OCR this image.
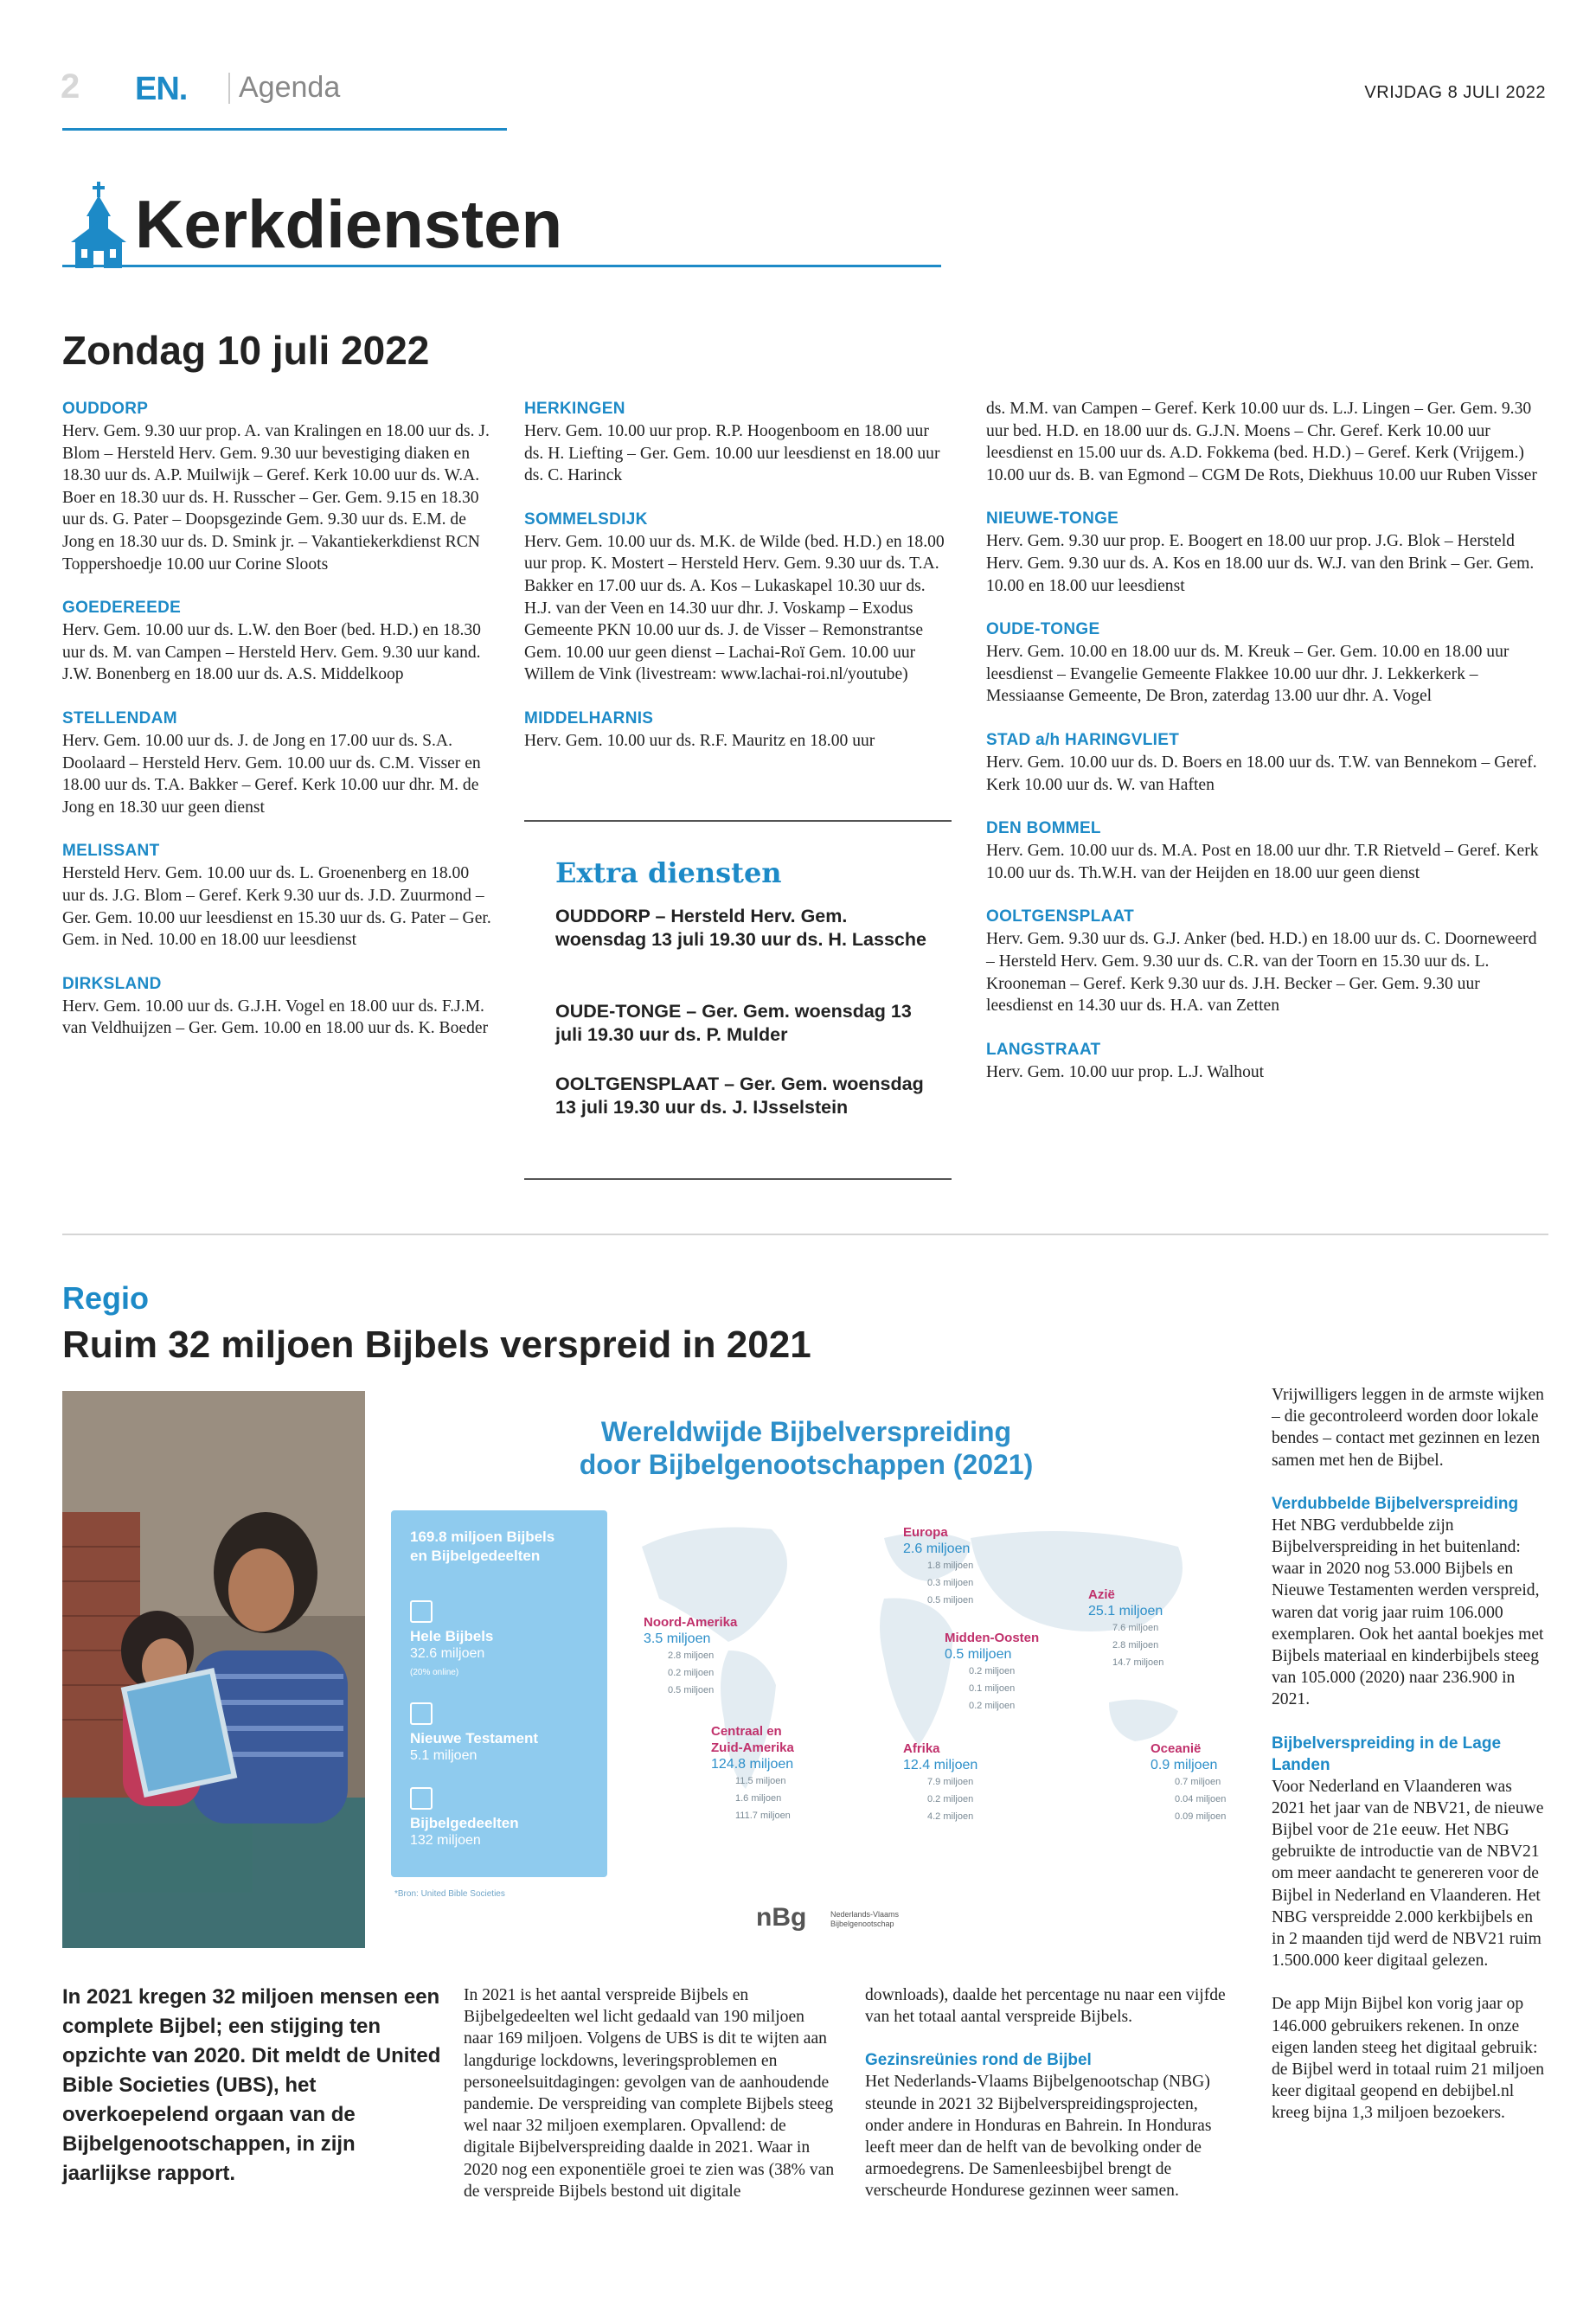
2 EN. Agenda	VRIJDAG 8 JULI 2022
Kerkdiensten
Zondag 10 juli 2022
OUDDORP
Herv. Gem. 9.30 uur prop. A. van Kralingen en 18.00 uur ds. J. Blom – Hersteld Herv. Gem. 9.30 uur bevestiging diaken en 18.30 uur ds. A.P. Muilwijk – Geref. Kerk 10.00 uur ds. W.A. Boer en 18.30 uur ds. H. Russcher – Ger. Gem. 9.15 en 18.30 uur ds. G. Pater – Doopsgezinde Gem. 9.30 uur ds. E.M. de Jong en 18.30 uur ds. D. Smink jr. – Vakantiekerkdienst RCN Toppershoedje 10.00 uur Corine Sloots
GOEDEREEDE
Herv. Gem. 10.00 uur ds. L.W. den Boer (bed. H.D.) en 18.30 uur ds. M. van Campen – Hersteld Herv. Gem. 9.30 uur kand. J.W. Bonenberg en 18.00 uur ds. A.S. Middelkoop
STELLENDAM
Herv. Gem. 10.00 uur ds. J. de Jong en 17.00 uur ds. S.A. Doolaard – Hersteld Herv. Gem. 10.00 uur ds. C.M. Visser en 18.00 uur ds. T.A. Bakker – Geref. Kerk 10.00 uur dhr. M. de Jong en 18.30 uur geen dienst
MELISSANT
Hersteld Herv. Gem. 10.00 uur ds. L. Groenenberg en 18.00 uur ds. J.G. Blom – Geref. Kerk 9.30 uur ds. J.D. Zuurmond – Ger. Gem. 10.00 uur leesdienst en 15.30 uur ds. G. Pater – Ger. Gem. in Ned. 10.00 en 18.00 uur leesdienst
DIRKSLAND
Herv. Gem. 10.00 uur ds. G.J.H. Vogel en 18.00 uur ds. F.J.M. van Veldhuijzen – Ger. Gem. 10.00 en 18.00 uur ds. K. Boeder
HERKINGEN
Herv. Gem. 10.00 uur prop. R.P. Hoogenboom en 18.00 uur ds. H. Liefting – Ger. Gem. 10.00 uur leesdienst en 18.00 uur ds. C. Harinck
SOMMELSDIJK
Herv. Gem. 10.00 uur ds. M.K. de Wilde (bed. H.D.) en 18.00 uur prop. K. Mostert – Hersteld Herv. Gem. 9.30 uur ds. T.A. Bakker en 17.00 uur ds. A. Kos – Lukaskapel 10.30 uur ds. H.J. van der Veen en 14.30 uur dhr. J. Voskamp – Exodus Gemeente PKN 10.00 uur ds. J. de Visser – Remonstrantse Gem. 10.00 uur geen dienst – Lachai-Roï Gem. 10.00 uur Willem de Vink (livestream: www.lachai-roi.nl/youtube)
MIDDELHARNIS
Herv. Gem. 10.00 uur ds. R.F. Mauritz en 18.00 uur
Extra diensten
OUDDORP – Hersteld Herv. Gem. woensdag 13 juli 19.30 uur ds. H. Lassche
OUDE-TONGE – Ger. Gem. woensdag 13 juli 19.30 uur ds. P. Mulder
OOLTGENSPLAAT – Ger. Gem. woensdag 13 juli 19.30 uur ds. J. IJsselstein
ds. M.M. van Campen – Geref. Kerk 10.00 uur ds. L.J. Lingen – Ger. Gem. 9.30 uur bed. H.D. en 18.00 uur ds. G.J.N. Moens – Chr. Geref. Kerk 10.00 uur leesdienst en 15.00 uur ds. A.D. Fokkema (bed. H.D.) – Geref. Kerk (Vrijgem.) 10.00 uur ds. B. van Egmond – CGM De Rots, Diekhuus 10.00 uur Ruben Visser
NIEUWE-TONGE
Herv. Gem. 9.30 uur prop. E. Boogert en 18.00 uur prop. J.G. Blok – Hersteld Herv. Gem. 9.30 uur ds. A. Kos en 18.00 uur ds. W.J. van den Brink – Ger. Gem. 10.00 en 18.00 uur leesdienst
OUDE-TONGE
Herv. Gem. 10.00 en 18.00 uur ds. M. Kreuk – Ger. Gem. 10.00 en 18.00 uur leesdienst – Evangelie Gemeente Flakkee 10.00 uur dhr. J. Lekkerkerk – Messiaanse Gemeente, De Bron, zaterdag 13.00 uur dhr. A. Vogel
STAD a/h HARINGVLIET
Herv. Gem. 10.00 uur ds. D. Boers en 18.00 uur ds. T.W. van Bennekom – Geref. Kerk 10.00 uur ds. W. van Haften
DEN BOMMEL
Herv. Gem. 10.00 uur ds. M.A. Post en 18.00 uur dhr. T.R Rietveld – Geref. Kerk 10.00 uur ds. Th.W.H. van der Heijden en 18.00 uur geen dienst
OOLTGENSPLAAT
Herv. Gem. 9.30 uur ds. G.J. Anker (bed. H.D.) en 18.00 uur ds. C. Doorneweerd – Hersteld Herv. Gem. 9.30 uur ds. C.R. van der Toorn en 15.30 uur ds. L. Krooneman – Geref. Kerk 9.30 uur ds. J.H. Becker – Ger. Gem. 9.30 uur leesdienst en 14.30 uur ds. H.A. van Zetten
LANGSTRAAT
Herv. Gem. 10.00 uur prop. L.J. Walhout
Regio
Ruim 32 miljoen Bijbels verspreid in 2021
Wereldwijde Bijbelverspreiding
door Bijbelgenootschappen (2021)
169.8 miljoen Bijbels
en Bijbelgedeelten
Hele Bijbels
32.6 miljoen
(20% online)
Nieuwe Testament
5.1 miljoen
Bijbelgedeelten
132 miljoen
Noord-Amerika
3.5 miljoen
2.8 miljoen
0.2 miljoen
0.5 miljoen
Europa
2.6 miljoen
1.8 miljoen
0.3 miljoen
0.5 miljoen	Azië
25.1 miljoen
7.6 miljoen
2.8 miljoen
14.7 miljoen
Midden-Oosten
0.5 miljoen
0.2 miljoen
0.1 miljoen
0.2 miljoen
Centraal en Zuid-Amerika
124.8 miljoen
11.5 miljoen
1.6 miljoen
111.7 miljoen
Afrika
12.4 miljoen
7.9 miljoen
0.2 miljoen
4.2 miljoen
Oceanië
0.9 miljoen
0.7 miljoen
0.04 miljoen
0.09 miljoen
*Bron: United Bible Societies
nBg	Nederlands-Vlaams Bijbelgenootschap
In 2021 kregen 32 miljoen mensen een complete Bijbel; een stijging ten opzichte van 2020. Dit meldt de United Bible Societies (UBS), het overkoepelend orgaan van de Bijbelgenootschappen, in zijn jaarlijkse rapport.
In 2021 is het aantal verspreide Bijbels en Bijbelgedeelten wel licht gedaald van 190 miljoen naar 169 miljoen. Volgens de UBS is dit te wijten aan langdurige lockdowns, leveringsproblemen en personeelsuitdagingen: gevolgen van de aanhoudende pandemie. De verspreiding van complete Bijbels steeg wel naar 32 miljoen exemplaren. Opvallend: de digitale Bijbelverspreiding daalde in 2021. Waar in 2020 nog een exponentiële groei te zien was (38% van de verspreide Bijbels bestond uit digitale
downloads), daalde het percentage nu naar een vijfde van het totaal aantal verspreide Bijbels.
Gezinsreünies rond de Bijbel
Het Nederlands-Vlaams Bijbelgenootschap (NBG) steunde in 2021 32 Bijbelverspreidingsprojecten, onder andere in Honduras en Bahrein. In Honduras leeft meer dan de helft van de bevolking onder de armoedegrens. De Samenleesbijbel brengt de verscheurde Hondurese gezinnen weer samen.
Vrijwilligers leggen in de armste wijken – die gecontroleerd worden door lokale bendes – contact met gezinnen en lezen samen met hen de Bijbel.
Verdubbelde Bijbelverspreiding
Het NBG verdubbelde zijn Bijbelverspreiding in het buitenland: waar in 2020 nog 53.000 Bijbels en Nieuwe Testamenten werden verspreid, waren dat vorig jaar ruim 106.000 exemplaren. Ook het aantal boekjes met Bijbels materiaal en kinderbijbels steeg van 105.000 (2020) naar 236.900 in 2021.
Bijbelverspreiding in de Lage Landen
Voor Nederland en Vlaanderen was 2021 het jaar van de NBV21, de nieuwe Bijbel voor de 21e eeuw. Het NBG gebruikte de introductie van de NBV21 om meer aandacht te genereren voor de Bijbel in Nederland en Vlaanderen. Het NBG verspreidde 2.000 kerkbijbels en in 2 maanden tijd werd de NBV21 ruim 1.500.000 keer digitaal gelezen.
De app Mijn Bijbel kon vorig jaar op 146.000 gebruikers rekenen. In onze eigen landen steeg het digitaal gebruik: de Bijbel werd in totaal ruim 21 miljoen keer digitaal geopend en debijbel.nl kreeg bijna 1,3 miljoen bezoekers.
